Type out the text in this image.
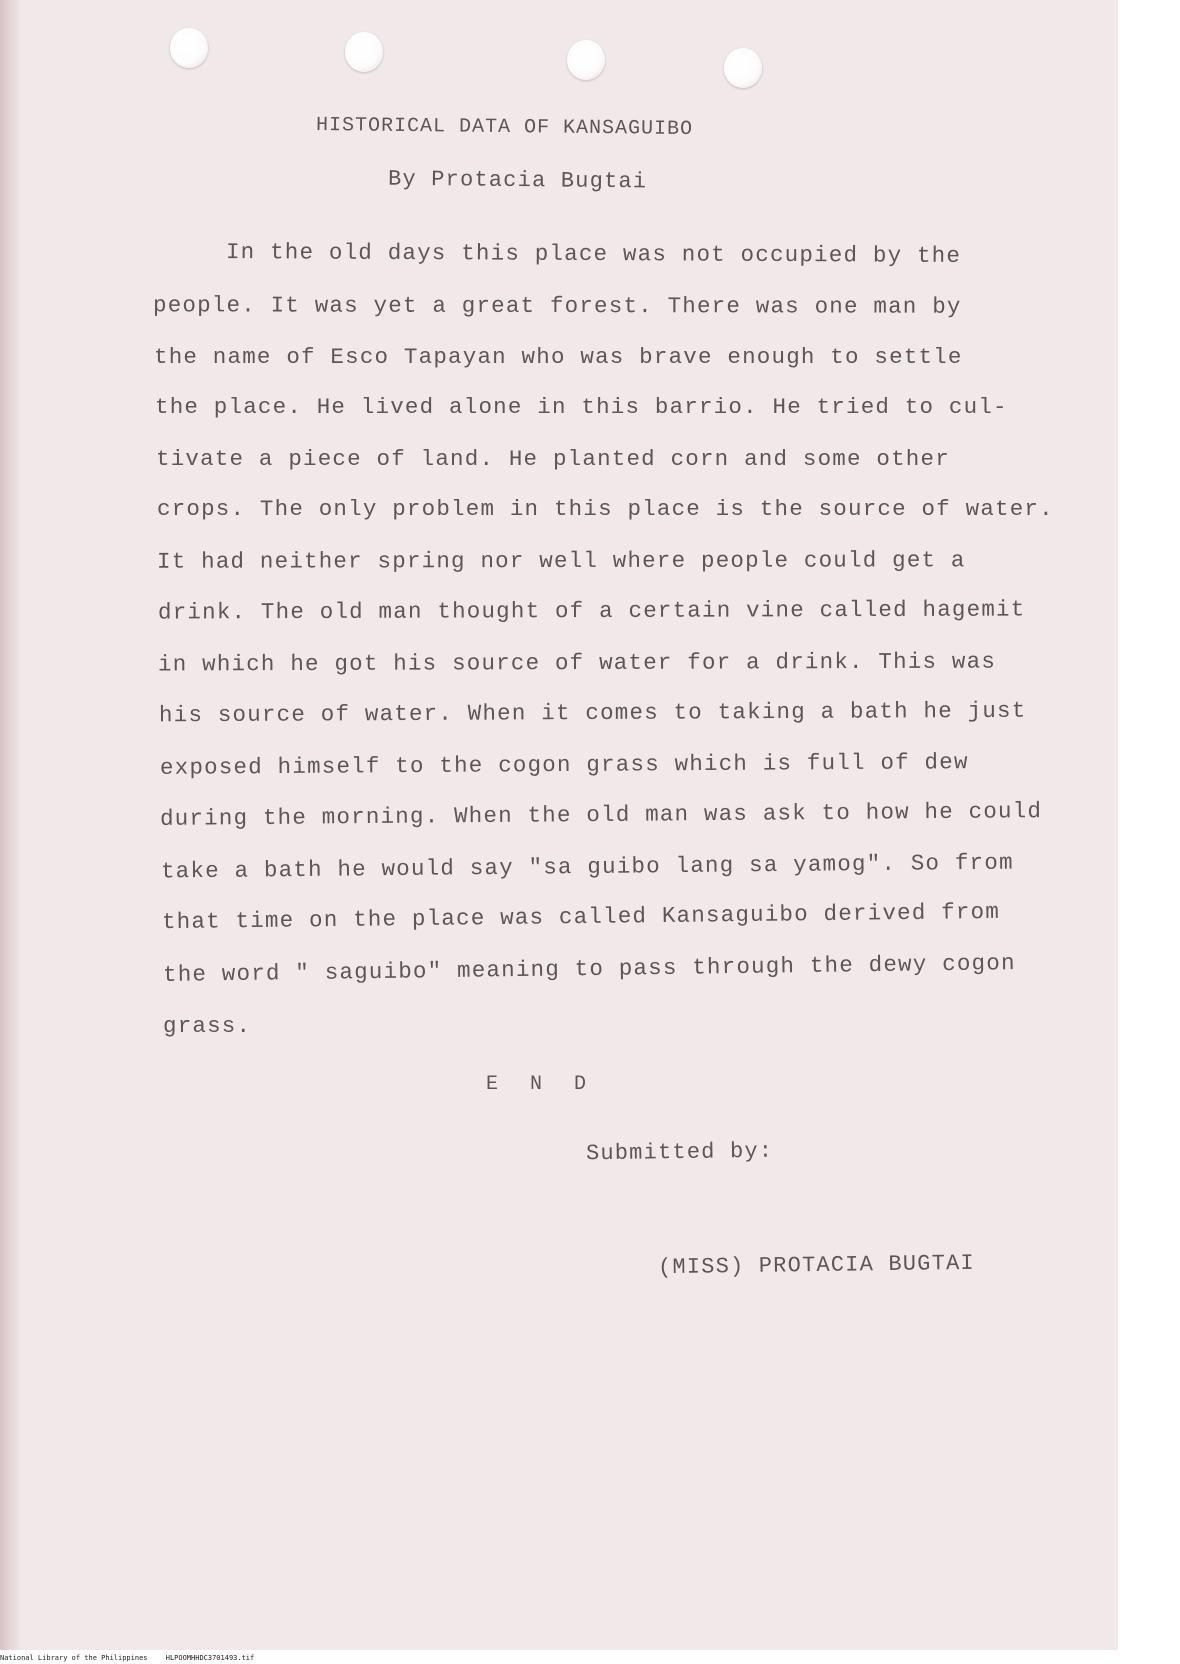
HISTORICAL DATA OF KANSAGUIBO

By Protacia Bugtai

In the old days this place was not occupied by the

people. It was yet a great forest. There was one man by

the name of Esco Tapayan who was brave enough to settle

the place. He lived alone in this barrio. He tried to cul-

tivate a piece of land. He planted corn and some other

crops. The only problem in this place is the source of water.

It had neither spring nor well where people could get a

drink. The old man thought of a certain vine called hagemit

in which he got his source of water for a drink. This was

his source of water. When it comes to taking a bath he just

exposed himself to the cogon grass which is full of dew

during the morning. When the old man was ask to how he could

take a bath he would say "sa guibo lang sa yamog". So from

that time on the place was called Kansaguibo derived from

the word " saguibo" meaning to pass through the dewy cogon

grass.

E N D

Submitted by:

(MISS) PROTACIA BUGTAI

National Library of the Philippines	HLPOOMHHDC3701493.tif
